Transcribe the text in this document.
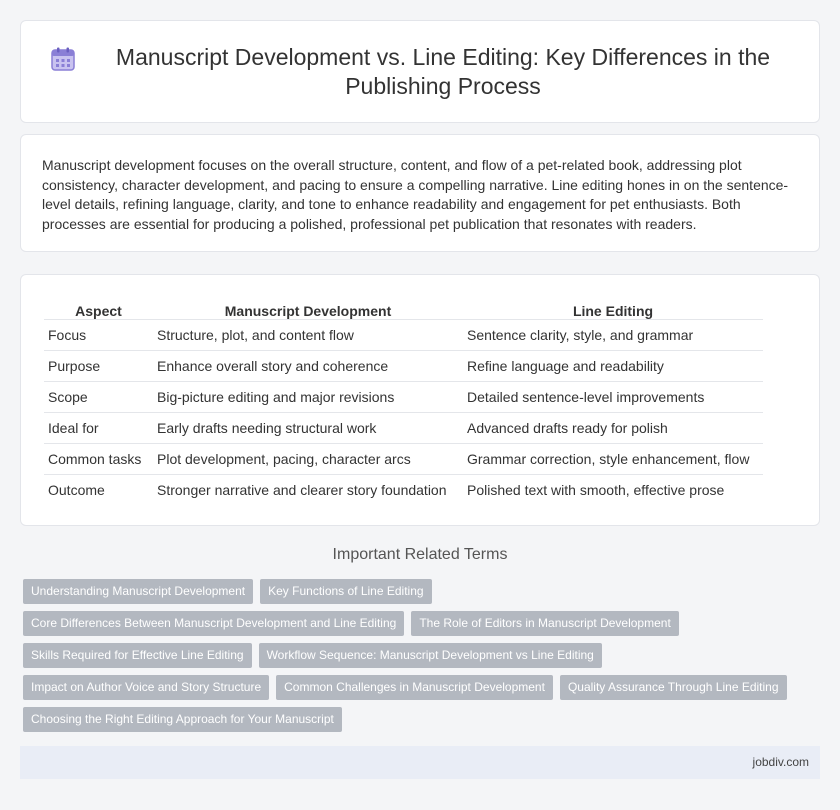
Manuscript Development vs. Line Editing: Key Differences in the Publishing Process

Manuscript development focuses on the overall structure, content, and flow of a pet-related book, addressing plot consistency, character development, and pacing to ensure a compelling narrative. Line editing hones in on the sentence-level details, refining language, clarity, and tone to enhance readability and engagement for pet enthusiasts. Both processes are essential for producing a polished, professional pet publication that resonates with readers.

Aspect	Manuscript Development	Line Editing
Focus	Structure, plot, and content flow	Sentence clarity, style, and grammar
Purpose	Enhance overall story and coherence	Refine language and readability
Scope	Big-picture editing and major revisions	Detailed sentence-level improvements
Ideal for	Early drafts needing structural work	Advanced drafts ready for polish
Common tasks	Plot development, pacing, character arcs	Grammar correction, style enhancement, flow
Outcome	Stronger narrative and clearer story foundation	Polished text with smooth, effective prose
Important Related Terms
Understanding Manuscript Development	Key Functions of Line Editing
Core Differences Between Manuscript Development and Line Editing	The Role of Editors in Manuscript Development
Skills Required for Effective Line Editing	Workflow Sequence: Manuscript Development vs Line Editing
Impact on Author Voice and Story Structure	Common Challenges in Manuscript Development	Quality Assurance Through Line Editing
Choosing the Right Editing Approach for Your Manuscript
jobdiv.com
